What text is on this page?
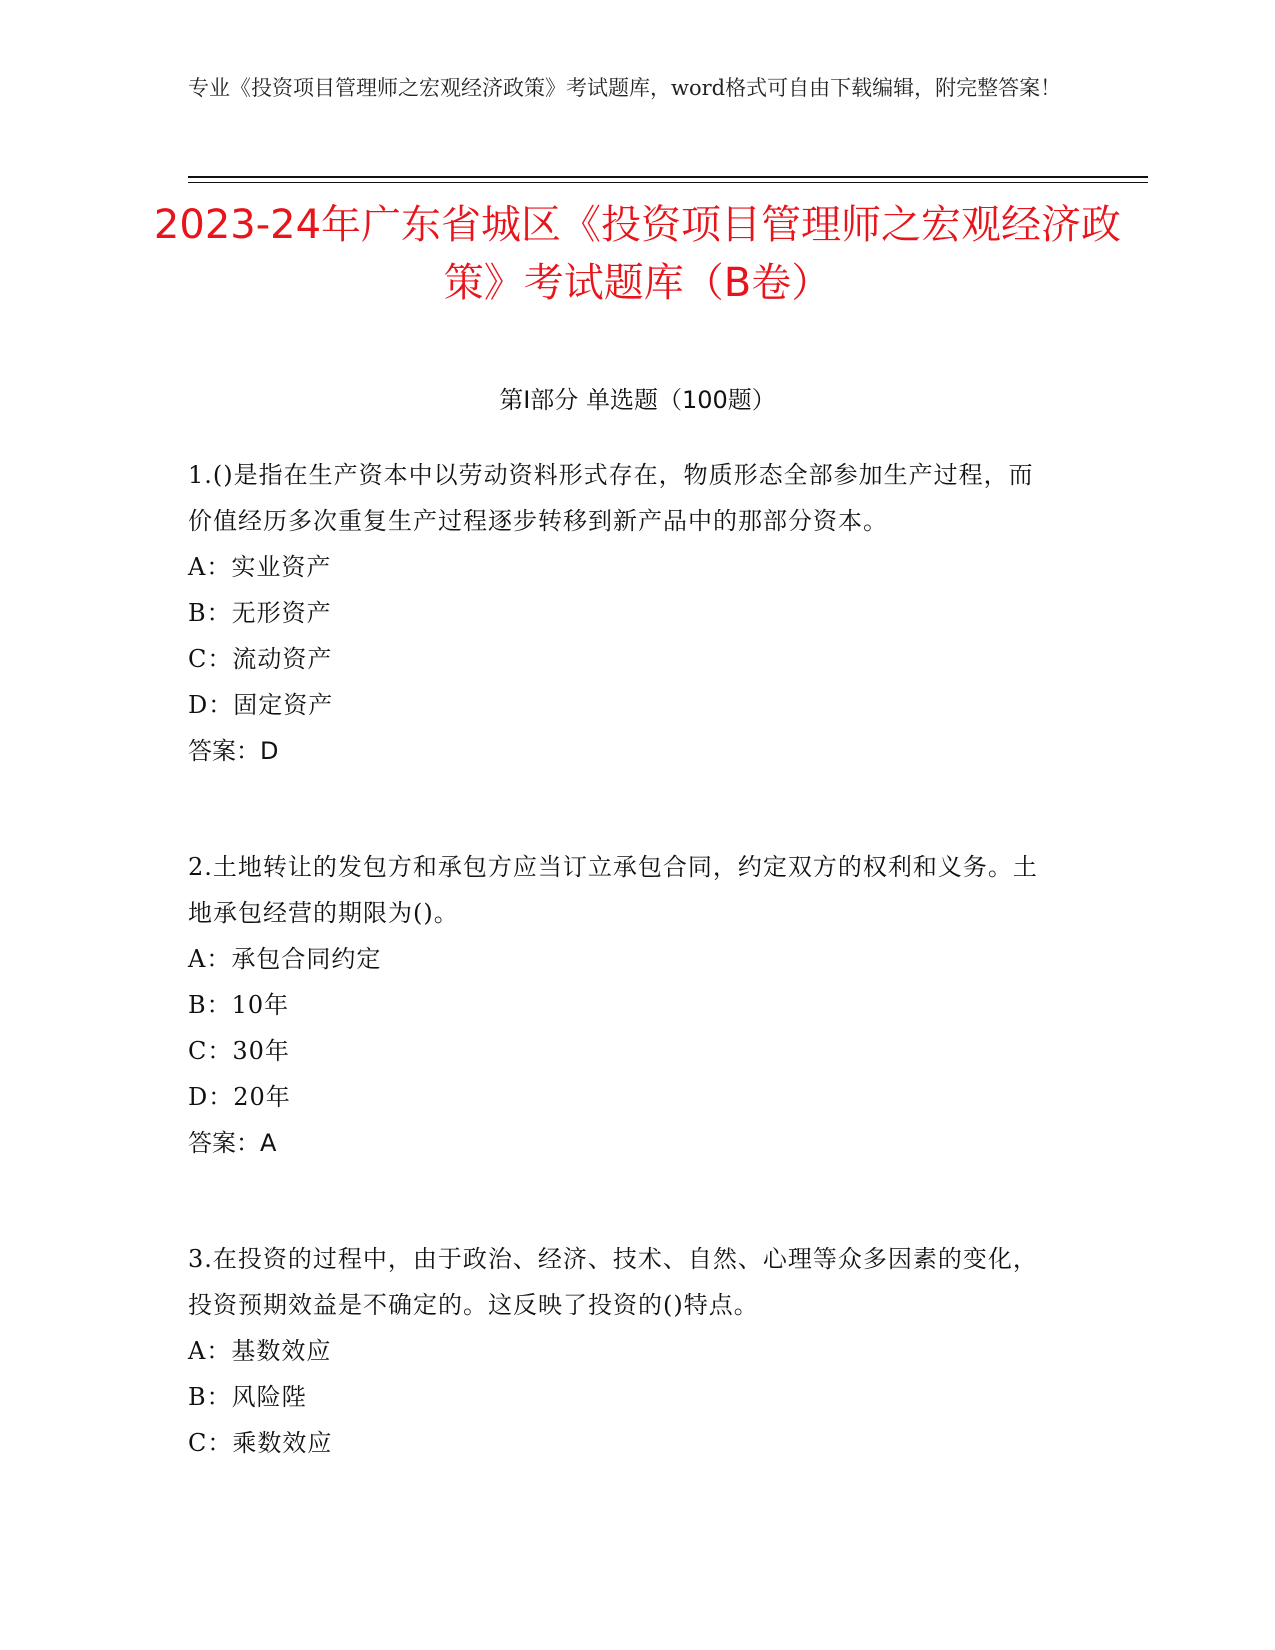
专业《投资项目管理师之宏观经济政策》考试题库，word格式可自由下载编辑，附完整答案！
2023-24年广东省城区《投资项目管理师之宏观经济政策》考试题库（B卷）
第Ⅰ部分 单选题（100题）

1.()是指在生产资本中以劳动资料形式存在，物质形态全部参加生产过程，而价值经历多次重复生产过程逐步转移到新产品中的那部分资本。

A：实业资产

B：无形资产

C：流动资产

D：固定资产

答案：D

2.土地转让的发包方和承包方应当订立承包合同，约定双方的权利和义务。土地承包经营的期限为()。

A：承包合同约定

B：10年

C：30年

D：20年

答案：A

3.在投资的过程中，由于政治、经济、技术、自然、心理等众多因素的变化，投资预期效益是不确定的。这反映了投资的()特点。

A：基数效应

B：风险陛

C：乘数效应
